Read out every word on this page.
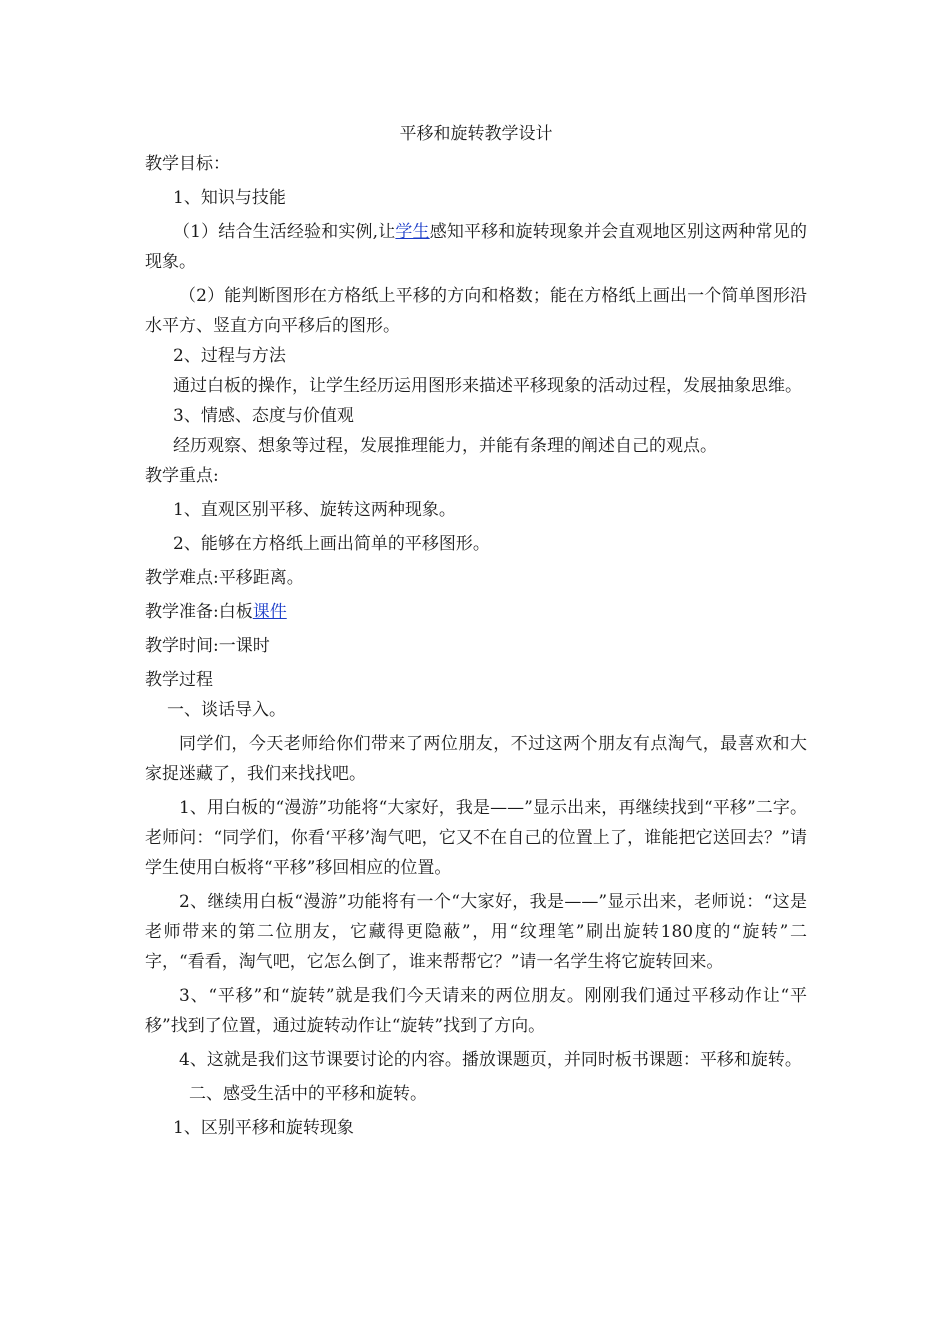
平移和旋转教学设计

教学目标：

1、知识与技能

（1）结合生活经验和实例,让学生感知平移和旋转现象并会直观地区别这两种常见的现象。

（2）能判断图形在方格纸上平移的方向和格数；能在方格纸上画出一个简单图形沿水平方、竖直方向平移后的图形。

2、过程与方法

通过白板的操作，让学生经历运用图形来描述平移现象的活动过程，发展抽象思维。

3、情感、态度与价值观

经历观察、想象等过程，发展推理能力，并能有条理的阐述自己的观点。

教学重点:

1、直观区别平移、旋转这两种现象。

2、能够在方格纸上画出简单的平移图形。

教学难点:平移距离。

教学准备:白板课件

教学时间:一课时

教学过程

一、谈话导入。

同学们，今天老师给你们带来了两位朋友，不过这两个朋友有点淘气，最喜欢和大家捉迷藏了，我们来找找吧。

1、用白板的“漫游”功能将“大家好，我是——”显示出来，再继续找到“平移”二字。老师问：“同学们，你看‘平移’淘气吧，它又不在自己的位置上了，谁能把它送回去？”请学生使用白板将“平移”移回相应的位置。

2、继续用白板“漫游”功能将有一个“大家好，我是——”显示出来，老师说：“这是老师带来的第二位朋友，它藏得更隐蔽”，用“纹理笔”刷出旋转180度的“旋转”二字，“看看，淘气吧，它怎么倒了，谁来帮帮它？”请一名学生将它旋转回来。

3、“平移”和“旋转”就是我们今天请来的两位朋友。刚刚我们通过平移动作让“平移”找到了位置，通过旋转动作让“旋转”找到了方向。

4、这就是我们这节课要讨论的内容。播放课题页，并同时板书课题：平移和旋转。

二、感受生活中的平移和旋转。

1、区别平移和旋转现象
